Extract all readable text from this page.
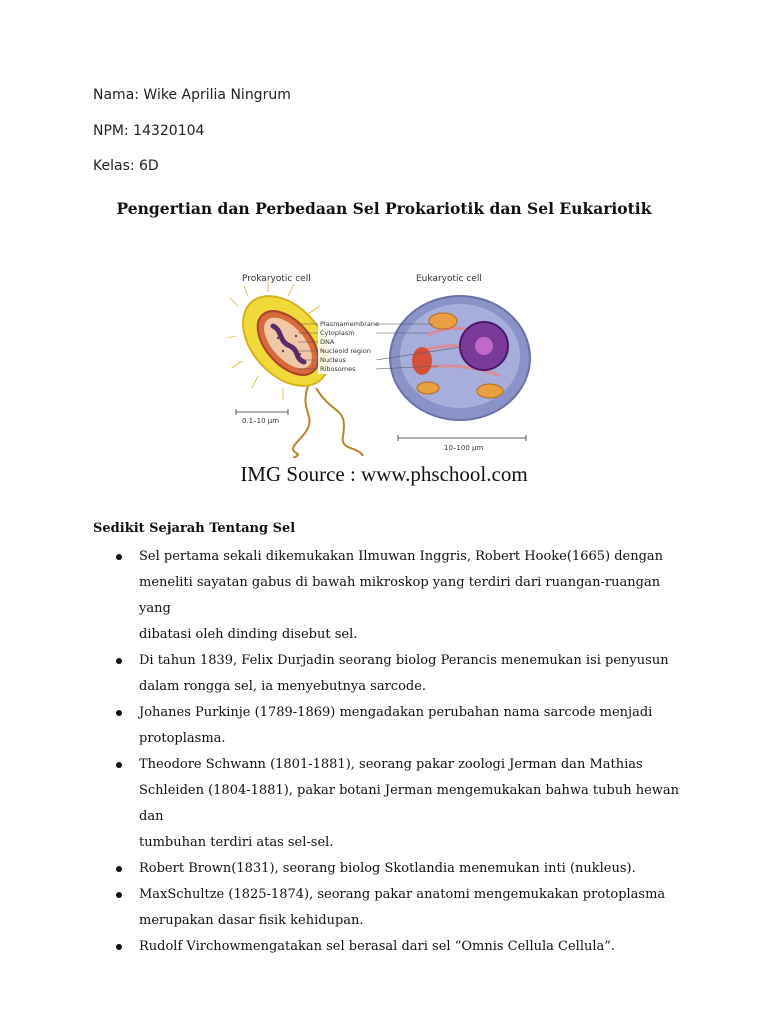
Nama: Wike Aprilia Ningrum
NPM: 14320104
Kelas: 6D
Pengertian dan Perbedaan Sel Prokariotik dan Sel Eukariotik
Prokaryotic cell	Eukaryotic cell
Plasmamembrane
Cytoplasm
DNA
Nucleoid region
Nucleus
Ribosomes
0.1–10 μm
10–100 μm
IMG Source : www.phschool.com
Sedikit Sejarah Tentang Sel
Sel pertama sekali dikemukakan Ilmuwan Inggris, Robert Hooke(1665) dengan
meneliti sayatan gabus di bawah mikroskop yang terdiri dari ruangan-ruangan yang
dibatasi oleh dinding disebut sel.
Di tahun 1839, Felix Durjadin seorang biolog Perancis menemukan isi penyusun
dalam rongga sel, ia menyebutnya sarcode.
Johanes Purkinje (1789-1869) mengadakan perubahan nama sarcode menjadi
protoplasma.
Theodore Schwann (1801-1881), seorang pakar zoologi Jerman dan Mathias
Schleiden (1804-1881), pakar botani Jerman mengemukakan bahwa tubuh hewan dan
tumbuhan terdiri atas sel-sel.
Robert Brown(1831), seorang biolog Skotlandia menemukan inti (nukleus).
MaxSchultze (1825-1874), seorang pakar anatomi mengemukakan protoplasma
merupakan dasar fisik kehidupan.
Rudolf Virchowmengatakan sel berasal dari sel “Omnis Cellula Cellula”.
